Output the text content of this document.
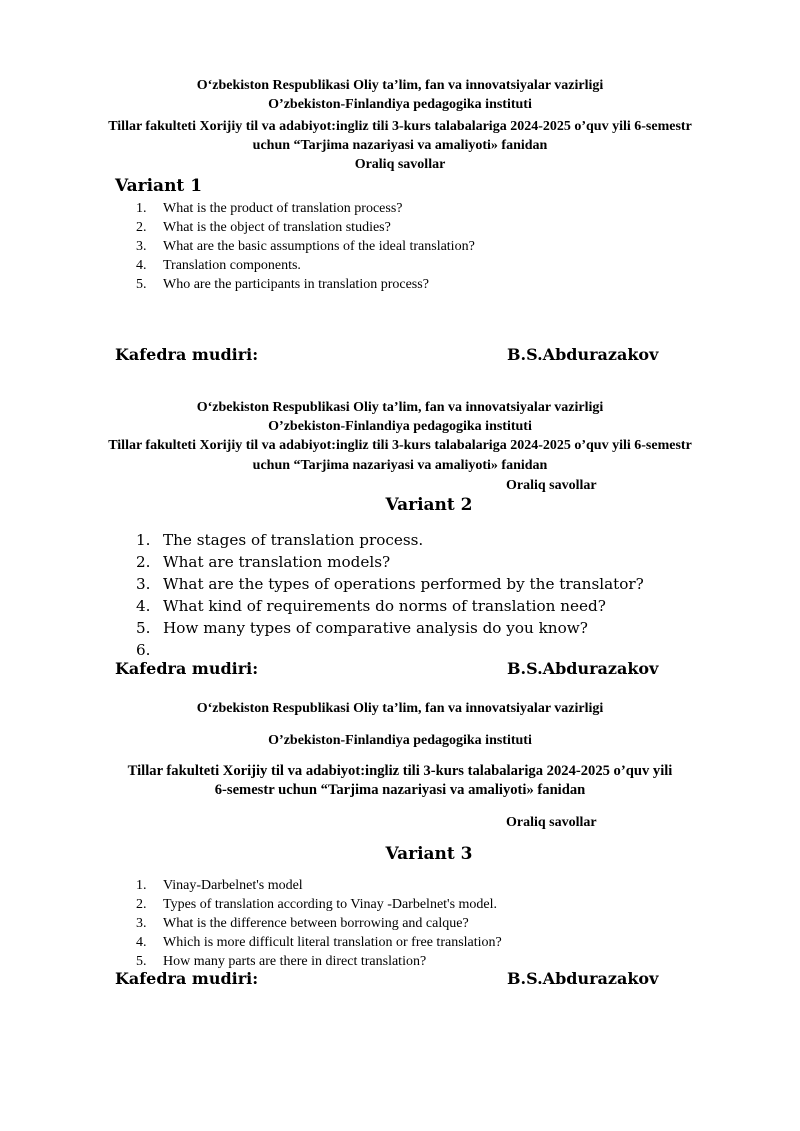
O‘zbekiston Respublikasi Oliy ta’lim, fan va innovatsiyalar vazirligi
O’zbekiston-Finlandiya pedagogika instituti
Tillar fakulteti Xorijiy til va adabiyot:ingliz tili 3-kurs talabalariga 2024-2025 o’quv yili 6-semestr
uchun “Tarjima nazariyasi va amaliyoti» fanidan
Oraliq savollar
Variant 1
1. What is the product of translation process?
2. What is the object of translation studies?
3. What are the basic assumptions of the ideal translation?
4. Translation components.
5. Who are the participants in translation process?
Kafedra mudiri:	B.S.Abdurazakov
O‘zbekiston Respublikasi Oliy ta’lim, fan va innovatsiyalar vazirligi
O’zbekiston-Finlandiya pedagogika instituti
Tillar fakulteti Xorijiy til va adabiyot:ingliz tili 3-kurs talabalariga 2024-2025 o’quv yili 6-semestr
uchun “Tarjima nazariyasi va amaliyoti» fanidan
Oraliq savollar
Variant 2
1. The stages of translation process.
2. What are translation models?
3. What are the types of operations performed by the translator?
4. What kind of requirements do norms of translation need?
5. How many types of comparative analysis do you know?
6.
Kafedra mudiri:	B.S.Abdurazakov
O‘zbekiston Respublikasi Oliy ta’lim, fan va innovatsiyalar vazirligi
O’zbekiston-Finlandiya pedagogika instituti
Tillar fakulteti Xorijiy til va adabiyot:ingliz tili 3-kurs talabalariga 2024-2025 o’quv yili
6-semestr uchun “Tarjima nazariyasi va amaliyoti» fanidan
Oraliq savollar
Variant 3
1. Vinay-Darbelnet's model
2. Types of translation according to Vinay -Darbelnet's model.
3. What is the difference between borrowing and calque?
4. Which is more difficult literal translation or free translation?
5. How many parts are there in direct translation?
Kafedra mudiri:	B.S.Abdurazakov
